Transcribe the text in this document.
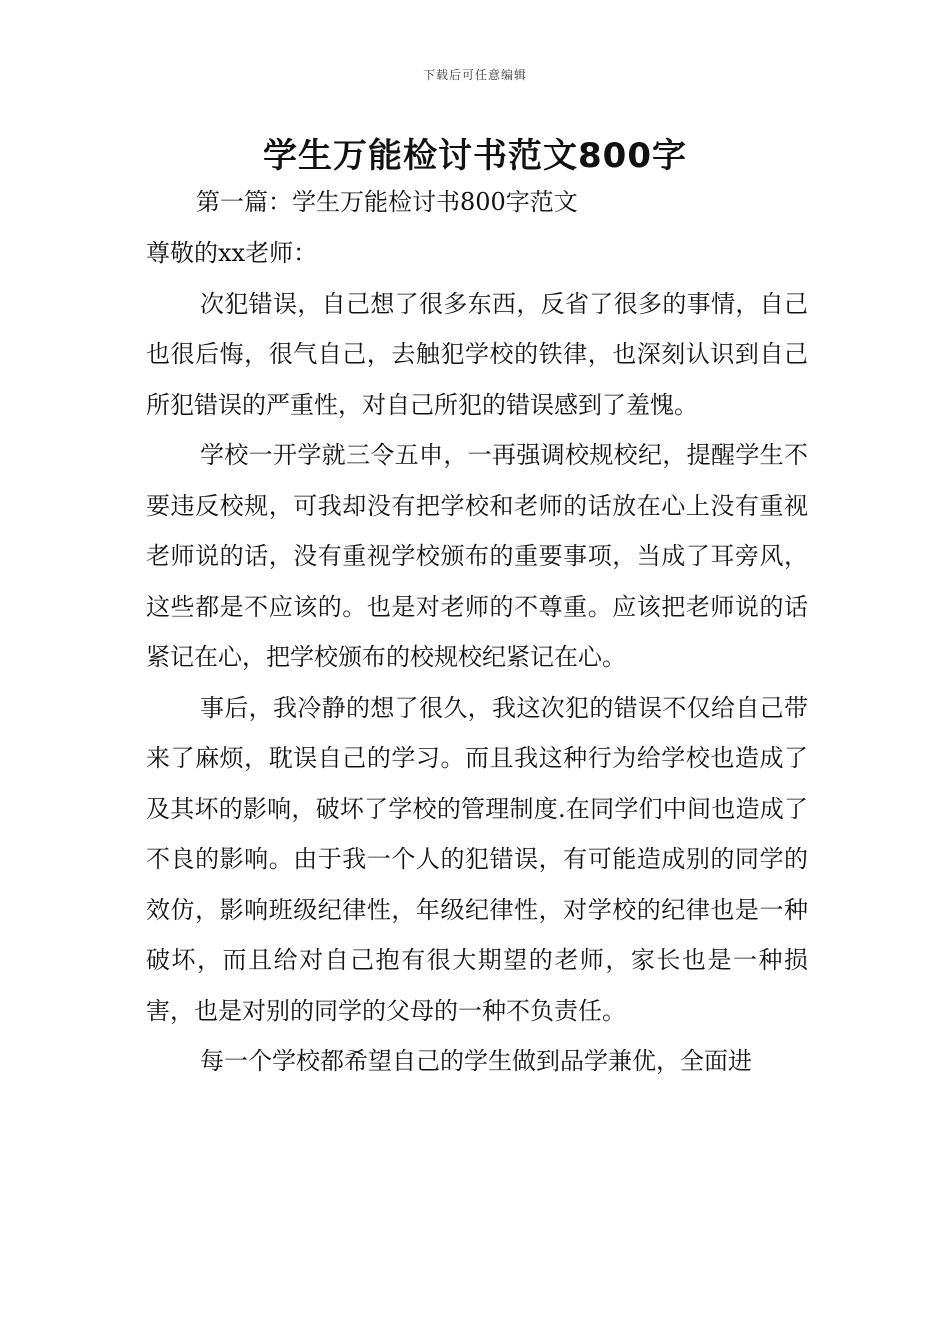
下载后可任意编辑
学生万能检讨书范文800字

第一篇：学生万能检讨书800字范文

尊敬的xx老师：

次犯错误，自己想了很多东西，反省了很多的事情，自己也很后悔，很气自己，去触犯学校的铁律，也深刻认识到自己所犯错误的严重性，对自己所犯的错误感到了羞愧。

学校一开学就三令五申，一再强调校规校纪，提醒学生不要违反校规，可我却没有把学校和老师的话放在心上没有重视老师说的话，没有重视学校颁布的重要事项，当成了耳旁风，这些都是不应该的。也是对老师的不尊重。应该把老师说的话紧记在心，把学校颁布的校规校纪紧记在心。

事后，我冷静的想了很久，我这次犯的错误不仅给自己带来了麻烦，耽误自己的学习。而且我这种行为给学校也造成了及其坏的影响，破坏了学校的管理制度.在同学们中间也造成了不良的影响。由于我一个人的犯错误，有可能造成别的同学的效仿，影响班级纪律性，年级纪律性，对学校的纪律也是一种破坏，而且给对自己抱有很大期望的老师，家长也是一种损害，也是对别的同学的父母的一种不负责任。

每一个学校都希望自己的学生做到品学兼优，全面进
